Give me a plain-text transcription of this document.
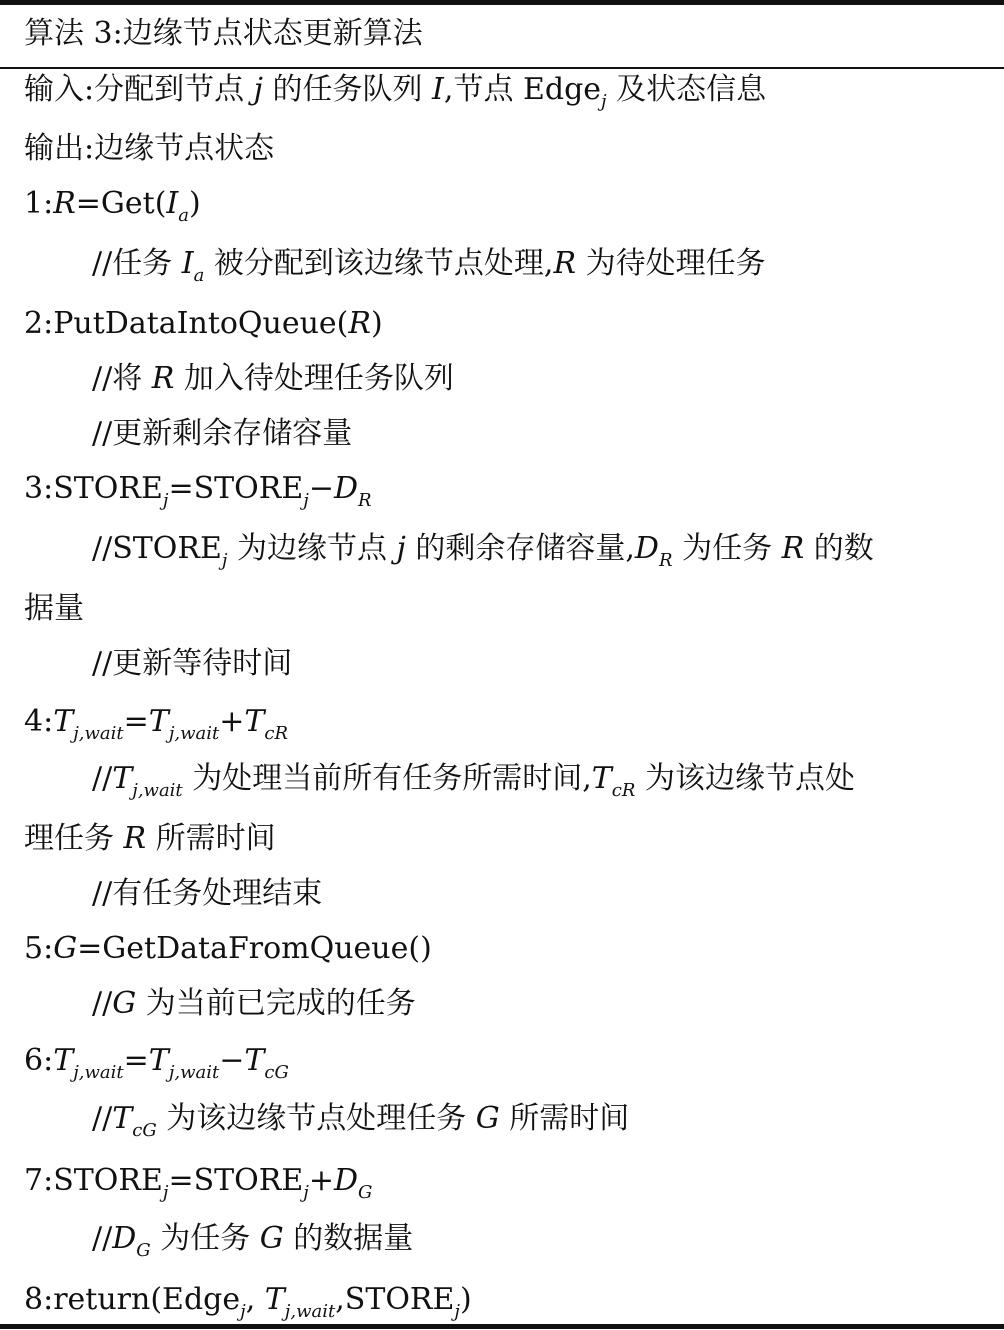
算法 3:边缘节点状态更新算法
输入:分配到节点 j 的任务队列 I,节点 Edge$_j$ 及状态信息
输出:边缘节点状态
$1:R=Get(I_a)$
//任务 $I_a$ 被分配到该边缘节点处理,R 为待处理任务
2:PutDataIntoQueue(R)
//将 R 加入待处理任务队列
//更新剩余存储容量
$3:STORE_j=STORE_j-D_R$
$//STORE_j$ 为边缘节点 j 的剩余存储容量$,D_R$ 为任务 R 的数
据量
//更新等待时间
$4:T_{j,wait}=T_{j,wait}+T_{cR}$
$//T_{j,wait}$ 为处理当前所有任务所需时间$,T_{cR}$ 为该边缘节点处
理任务 R 所需时间
//有任务处理结束
5:G=GetDataFromQueue()
//G 为当前已完成的任务
$6:T_{j,wait}=T_{j,wait}-T_{cG}$
$//T_{cG}$ 为该边缘节点处理任务 G 所需时间
$7:STORE_j=STORE_j+D_G$
$//D_G$ 为任务 G 的数据量
8:return(Edge$_j$, $T_{j,wait},STORE_j$)
